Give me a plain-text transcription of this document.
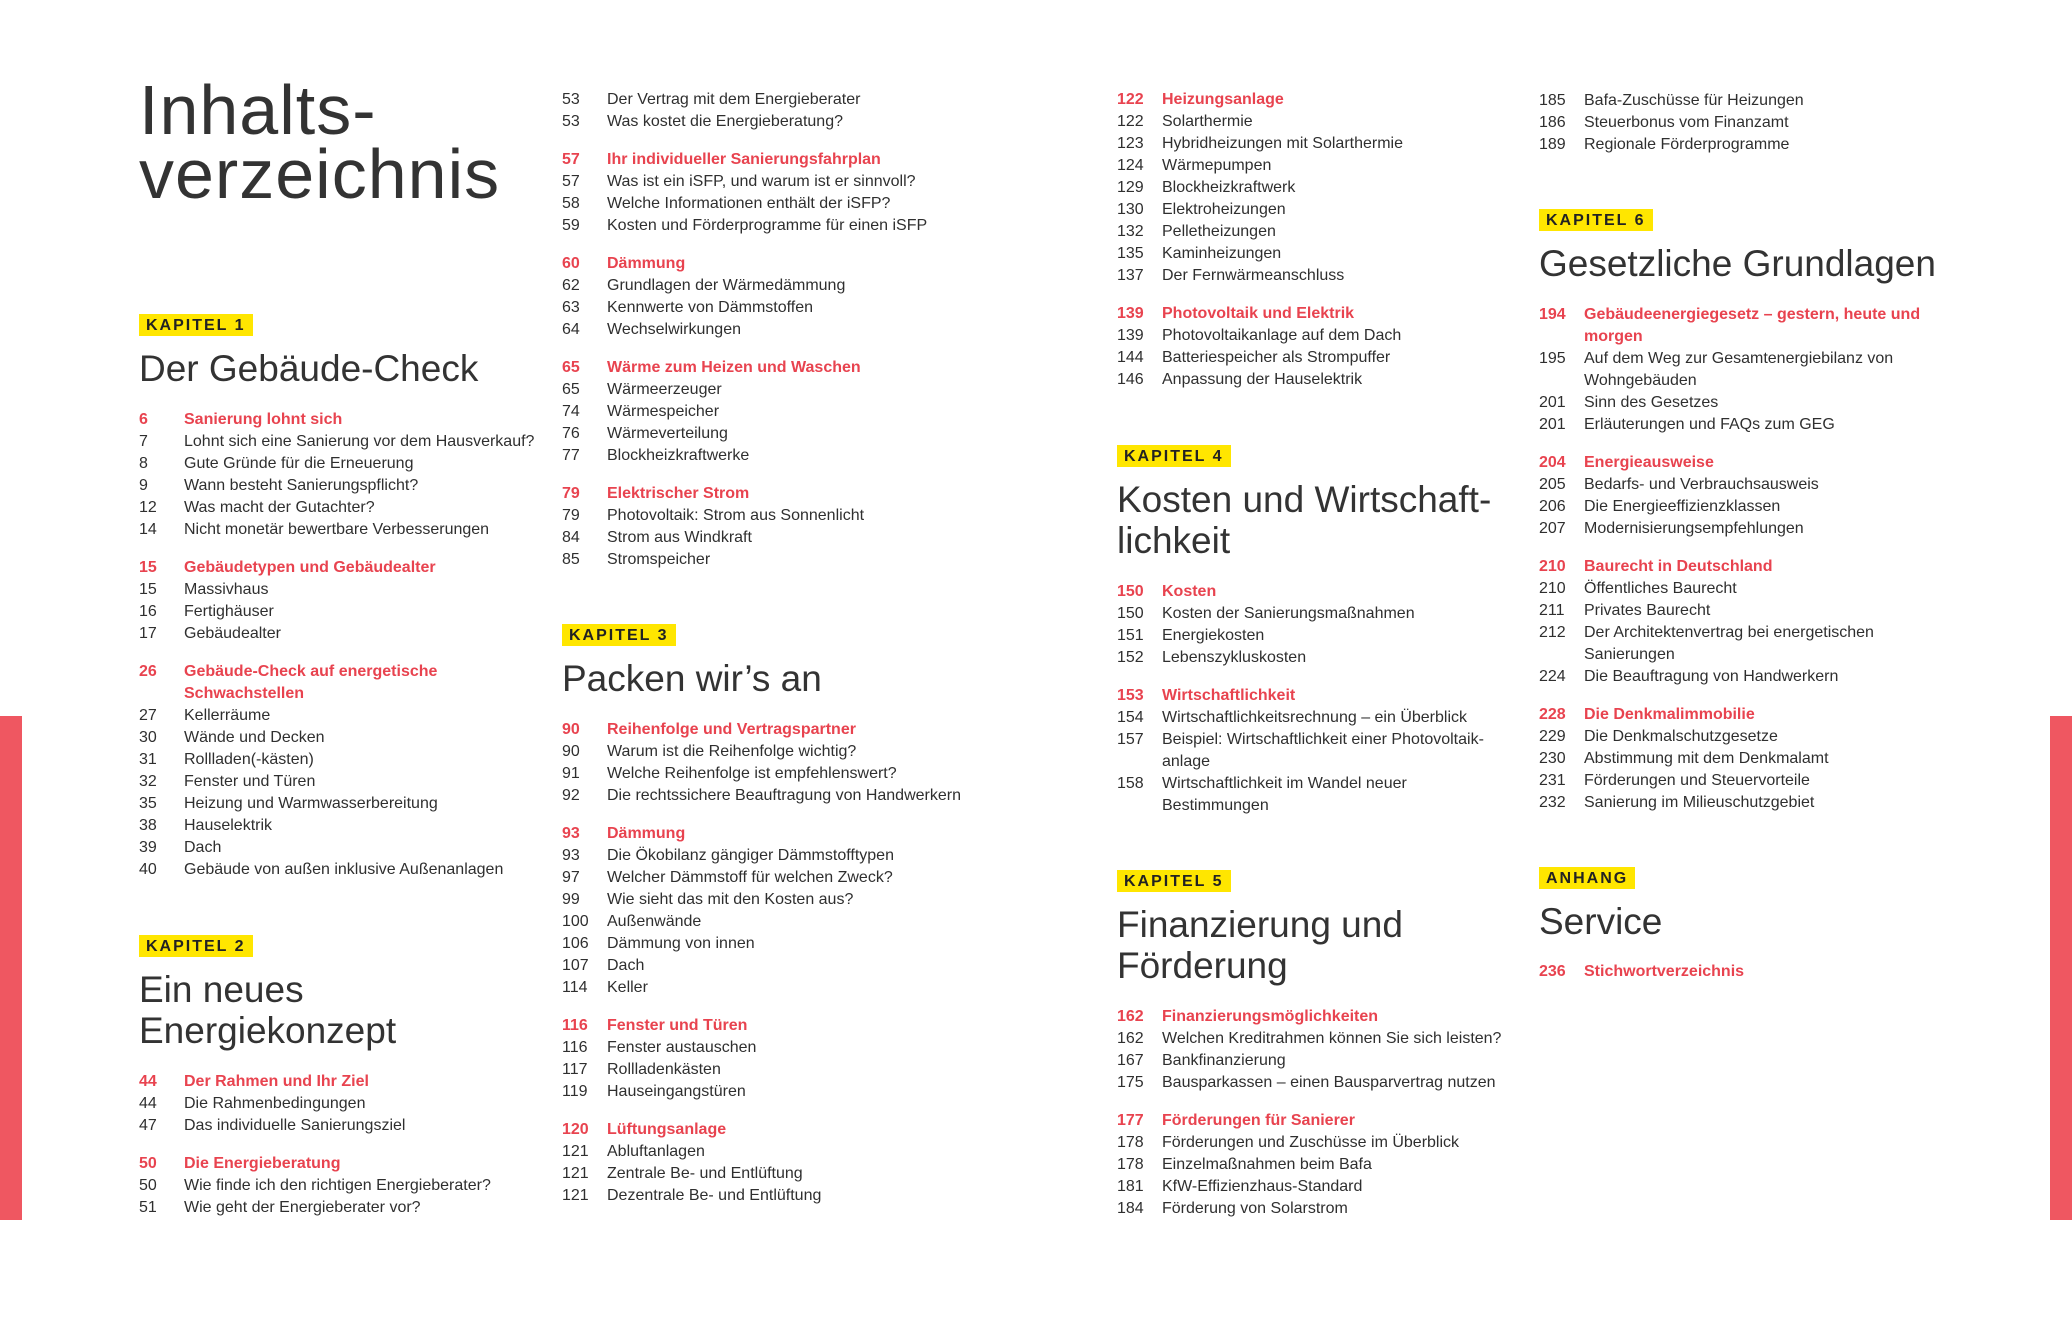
Inhalts-
verzeichnis
KAPITEL 1
Der Gebäude-Check
6 Sanierung lohnt sich
7 Lohnt sich eine Sanierung vor dem Hausverkauf?
8 Gute Gründe für die Erneuerung
9 Wann besteht Sanierungspflicht?
12 Was macht der Gutachter?
14 Nicht monetär bewertbare Verbesserungen
15 Gebäudetypen und Gebäudealter
15 Massivhaus
16 Fertighäuser
17 Gebäudealter
26 Gebäude-Check auf energetische
Schwachstellen
27 Kellerräume
30 Wände und Decken
31 Rollladen(-kästen)
32 Fenster und Türen
35 Heizung und Warmwasserbereitung
38 Hauselektrik
39 Dach
40 Gebäude von außen inklusive Außenanlagen
KAPITEL 2
Ein neues
Energiekonzept
44 Der Rahmen und Ihr Ziel
44 Die Rahmenbedingungen
47 Das individuelle Sanierungsziel
50 Die Energieberatung
50 Wie finde ich den richtigen Energieberater?
51 Wie geht der Energieberater vor?
53 Der Vertrag mit dem Energieberater
53 Was kostet die Energieberatung?
57 Ihr individueller Sanierungsfahrplan
57 Was ist ein iSFP, und warum ist er sinnvoll?
58 Welche Informationen enthält der iSFP?
59 Kosten und Förderprogramme für einen iSFP
60 Dämmung
62 Grundlagen der Wärmedämmung
63 Kennwerte von Dämmstoffen
64 Wechselwirkungen
65 Wärme zum Heizen und Waschen
65 Wärmeerzeuger
74 Wärmespeicher
76 Wärmeverteilung
77 Blockheizkraftwerke
79 Elektrischer Strom
79 Photovoltaik: Strom aus Sonnenlicht
84 Strom aus Windkraft
85 Stromspeicher
KAPITEL 3
Packen wir’s an
90 Reihenfolge und Vertragspartner
90 Warum ist die Reihenfolge wichtig?
91 Welche Reihenfolge ist empfehlenswert?
92 Die rechtssichere Beauftragung von Handwerkern
93 Dämmung
93 Die Ökobilanz gängiger Dämmstofftypen
97 Welcher Dämmstoff für welchen Zweck?
99 Wie sieht das mit den Kosten aus?
100 Außenwände
106 Dämmung von innen
107 Dach
114 Keller
116 Fenster und Türen
116 Fenster austauschen
117 Rollladenkästen
119 Hauseingangstüren
120 Lüftungsanlage
121 Abluftanlagen
121 Zentrale Be- und Entlüftung
121 Dezentrale Be- und Entlüftung
122 Heizungsanlage
122 Solarthermie
123 Hybridheizungen mit Solarthermie
124 Wärmepumpen
129 Blockheizkraftwerk
130 Elektroheizungen
132 Pelletheizungen
135 Kaminheizungen
137 Der Fernwärmeanschluss
139 Photovoltaik und Elektrik
139 Photovoltaikanlage auf dem Dach
144 Batteriespeicher als Strompuffer
146 Anpassung der Hauselektrik
KAPITEL 4
Kosten und Wirtschaft-
lichkeit
150 Kosten
150 Kosten der Sanierungsmaßnahmen
151 Energiekosten
152 Lebenszykluskosten
153 Wirtschaftlichkeit
154 Wirtschaftlichkeitsrechnung – ein Überblick
157 Beispiel: Wirtschaftlichkeit einer Photovoltaik-
anlage
158 Wirtschaftlichkeit im Wandel neuer
Bestimmungen
KAPITEL 5
Finanzierung und
Förderung
162 Finanzierungsmöglichkeiten
162 Welchen Kreditrahmen können Sie sich leisten?
167 Bankfinanzierung
175 Bausparkassen – einen Bausparvertrag nutzen
177 Förderungen für Sanierer
178 Förderungen und Zuschüsse im Überblick
178 Einzelmaßnahmen beim Bafa
181 KfW-Effizienzhaus-Standard
184 Förderung von Solarstrom
185 Bafa-Zuschüsse für Heizungen
186 Steuerbonus vom Finanzamt
189 Regionale Förderprogramme
KAPITEL 6
Gesetzliche Grundlagen
194 Gebäudeenergiegesetz – gestern, heute und
morgen
195 Auf dem Weg zur Gesamtenergiebilanz von
Wohngebäuden
201 Sinn des Gesetzes
201 Erläuterungen und FAQs zum GEG
204 Energieausweise
205 Bedarfs- und Verbrauchsausweis
206 Die Energieeffizienzklassen
207 Modernisierungsempfehlungen
210 Baurecht in Deutschland
210 Öffentliches Baurecht
211 Privates Baurecht
212 Der Architektenvertrag bei energetischen
Sanierungen
224 Die Beauftragung von Handwerkern
228 Die Denkmalimmobilie
229 Die Denkmalschutzgesetze
230 Abstimmung mit dem Denkmalamt
231 Förderungen und Steuervorteile
232 Sanierung im Milieuschutzgebiet
ANHANG
Service
236 Stichwortverzeichnis
